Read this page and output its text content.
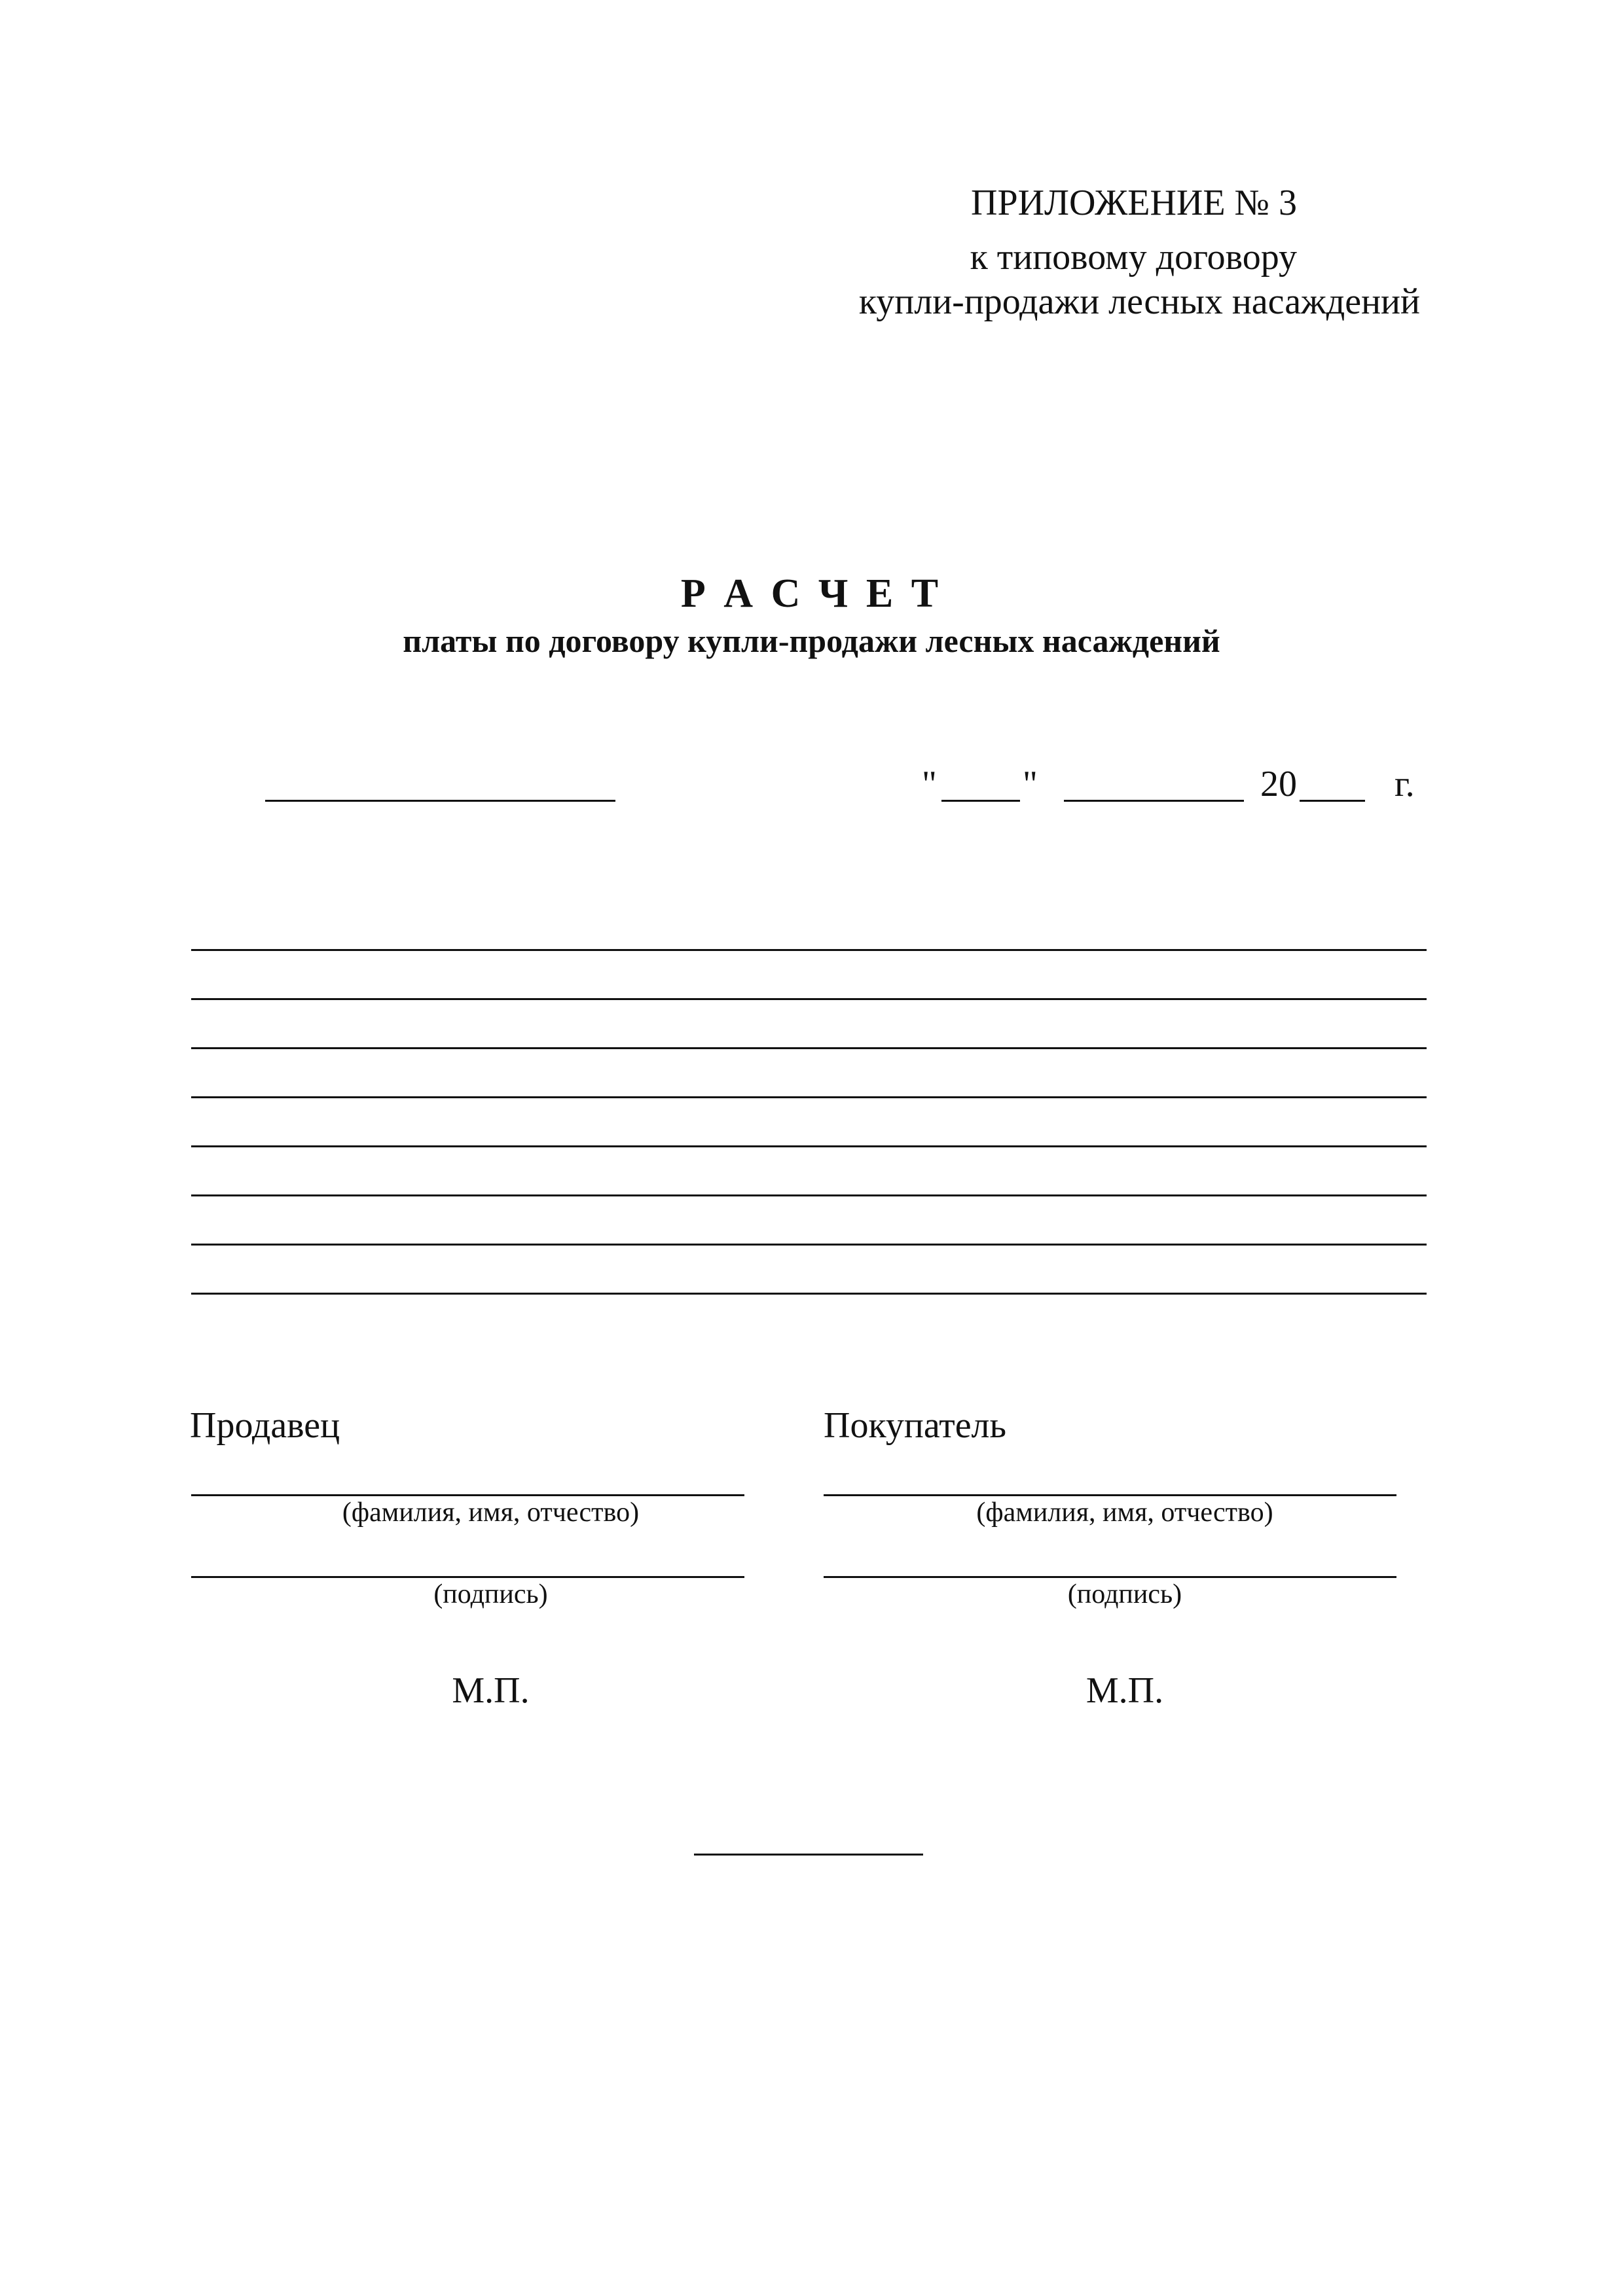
ПРИЛОЖЕНИЕ № 3
к типовому договору
купли-продажи лесных насаждений
Р А С Ч Е Т
платы по договору купли-продажи лесных насаждений
" "	20	г.
Продавец
(фамилия, имя, отчество)
(подпись)
М.П.
Покупатель
(фамилия, имя, отчество)
(подпись)
М.П.
